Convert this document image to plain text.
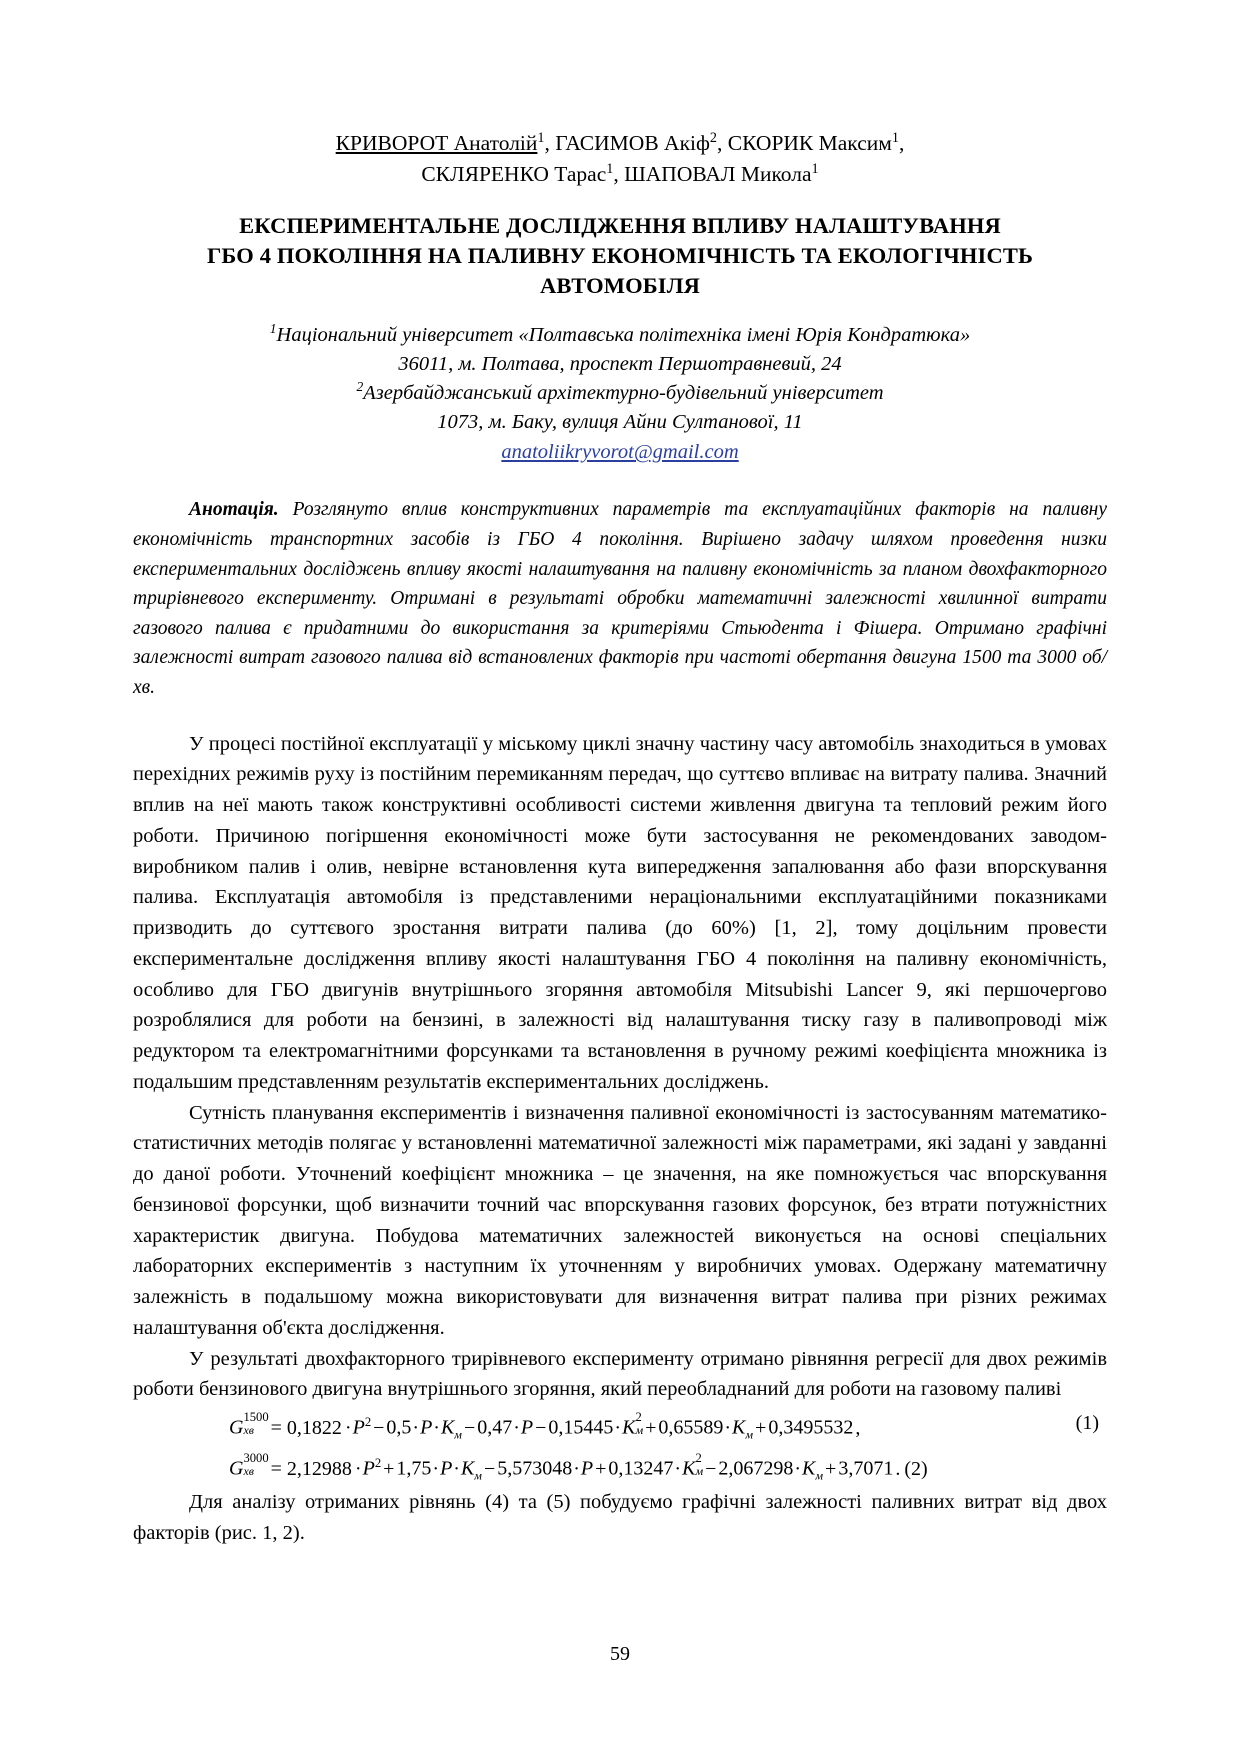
КРИВОРОТ Анатолій$^1$, ГАСИМОВ Акіф$^2$, СКОРИК Максим$^1$,
СКЛЯРЕНКО Тарас$^1$, ШАПОВАЛ Микола$^1$
ЕКСПЕРИМЕНТАЛЬНЕ ДОСЛІДЖЕННЯ ВПЛИВУ НАЛАШТУВАННЯ
ГБО 4 ПОКОЛІННЯ НА ПАЛИВНУ ЕКОНОМІЧНІСТЬ ТА ЕКОЛОГІЧНІСТЬ
АВТОМОБІЛЯ
$^1$Національний університет «Полтавська політехніка імені Юрія Кондратюка»
36011, м. Полтава, проспект Першотравневий, 24
$^2$Азербайджанський архітектурно-будівельний університет
1073, м. Баку, вулиця Айни Султанової, 11
anatoliikryvorot@gmail.com

Анотація. Розглянуто вплив конструктивних параметрів та експлуатаційних факторів на паливну економічність транспортних засобів із ГБО 4 покоління. Вирішено задачу шляхом проведення низки експериментальних досліджень впливу якості налаштування на паливну економічність за планом двохфакторного трирівневого експерименту. Отримані в результаті обробки математичні залежності хвилинної витрати газового палива є придатними до використання за критеріями Стьюдента і Фішера. Отримано графічні залежності витрат газового палива від встановлених факторів при частоті обертання двигуна 1500 та 3000 об/хв.

У процесі постійної експлуатації у міському циклі значну частину часу автомобіль знаходиться в умовах перехідних режимів руху із постійним перемиканням передач, що суттєво впливає на витрату палива. Значний вплив на неї мають також конструктивні особливості системи живлення двигуна та тепловий режим його роботи. Причиною погіршення економічності може бути застосування не рекомендованих заводом-виробником палив і олив, невірне встановлення кута випередження запалювання або фази впорскування палива. Експлуатація автомобіля із представленими нераціональними експлуатаційними показниками призводить до суттєвого зростання витрати палива (до 60%) [1, 2], тому доцільним провести експериментальне дослідження впливу якості налаштування ГБО 4 покоління на паливну економічність, особливо для ГБО двигунів внутрішнього згоряння автомобіля Mitsubishi Lancer 9, які першочергово розроблялися для роботи на бензині, в залежності від налаштування тиску газу в паливопроводі між редуктором та електромагнітними форсунками та встановлення в ручному режимі коефіцієнта множника із подальшим представленням результатів експериментальних досліджень.

Сутність планування експериментів і визначення паливної економічності із застосуванням математико-статистичних методів полягає у встановленні математичної залежності між параметрами, які задані у завданні до даної роботи. Уточнений коефіцієнт множника – це значення, на яке помножується час впорскування бензинової форсунки, щоб визначити точний час впорскування газових форсунок, без втрати потужністних характеристик двигуна. Побудова математичних залежностей виконується на основі спеціальних лабораторних експериментів з наступним їх уточненням у виробничих умовах. Одержану математичну залежність в подальшому можна використовувати для визначення витрат палива при різних режимах налаштування об'єкта дослідження.

У результаті двохфакторного трирівневого експерименту отримано рівняння регресії для двох режимів роботи бензинового двигуна внутрішнього згоряння, який переобладнаний для роботи на газовому паливі

G 1500
хв = $0,1822 \cdot P^2 - 0,5\cdot P\cdot K_м - 0,47\cdot P - 0,15445\cdot K$ 2
$м + 0,65589\cdot K_м + 0,3495532$ ,	(1)
G 3000
хв = $2,12988 \cdot P^2 + 1,75\cdot P\cdot K_м - 5,573048\cdot P + 0,13247\cdot K$ 2
$м - 2,067298\cdot K_м + 3,7071$ . (2)

Для аналізу отриманих рівнянь (4) та (5) побудуємо графічні залежності паливних витрат від двох факторів (рис. 1, 2).

59
